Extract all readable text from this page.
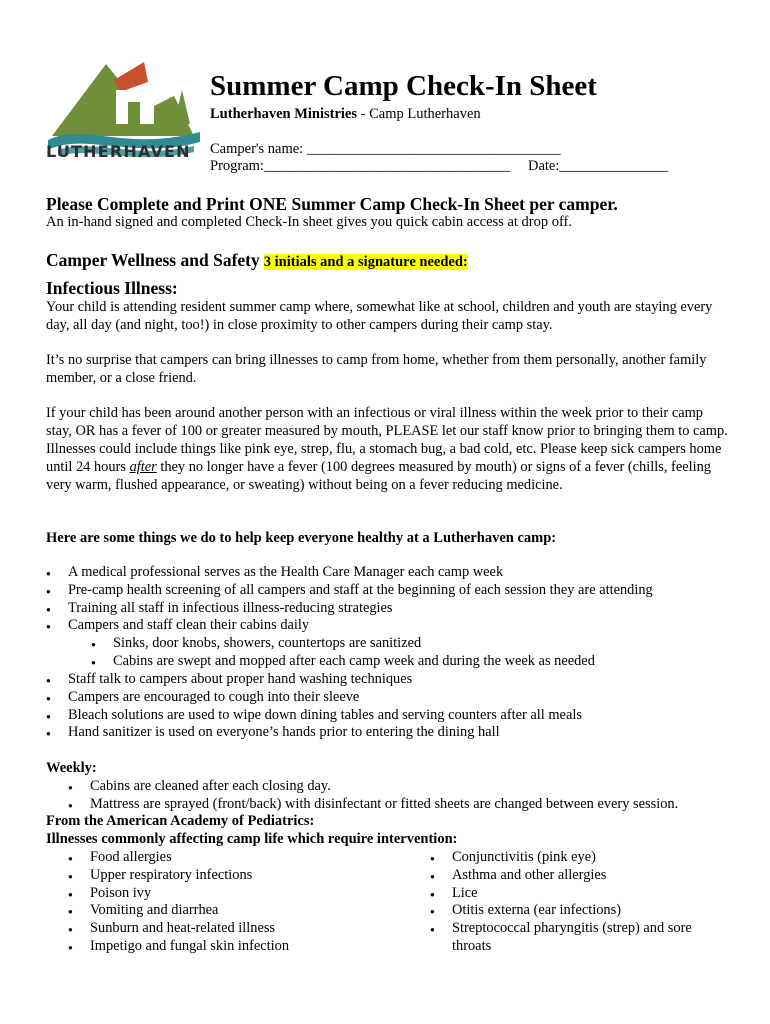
LUTHERHAVEN

Summer Camp Check-In Sheet
Lutherhaven Ministries - Camp Lutherhaven
Camper's name: ___________________________________
Program:__________________________________ Date:_______________
Please Complete and Print ONE Summer Camp Check-In Sheet per camper.
An in-hand signed and completed Check-In sheet gives you quick cabin access at drop off.
Camper Wellness and Safety 3 initials and a signature needed:
Infectious Illness:
Your child is attending resident summer camp where, somewhat like at school, children and youth are staying every day, all day (and night, too!) in close proximity to other campers during their camp stay.
It’s no surprise that campers can bring illnesses to camp from home, whether from them personally, another family member, or a close friend.
If your child has been around another person with an infectious or viral illness within the week prior to their camp stay, OR has a fever of 100 or greater measured by mouth, PLEASE let our staff know prior to bringing them to camp. Illnesses could include things like pink eye, strep, flu, a stomach bug, a bad cold, etc. Please keep sick campers home until 24 hours after they no longer have a fever (100 degrees measured by mouth) or signs of a fever (chills, feeling very warm, flushed appearance, or sweating) without being on a fever reducing medicine.
Here are some things we do to help keep everyone healthy at a Lutherhaven camp:
● A medical professional serves as the Health Care Manager each camp week
● Pre-camp health screening of all campers and staff at the beginning of each session they are attending
● Training all staff in infectious illness-reducing strategies
● Campers and staff clean their cabins daily
● Sinks, door knobs, showers, countertops are sanitized
● Cabins are swept and mopped after each camp week and during the week as needed
● Staff talk to campers about proper hand washing techniques
● Campers are encouraged to cough into their sleeve
● Bleach solutions are used to wipe down dining tables and serving counters after all meals
● Hand sanitizer is used on everyone’s hands prior to entering the dining hall
Weekly:
● Cabins are cleaned after each closing day.
● Mattress are sprayed (front/back) with disinfectant or fitted sheets are changed between every session.
From the American Academy of Pediatrics:
Illnesses commonly affecting camp life which require intervention:
● Food allergies
● Upper respiratory infections
● Poison ivy
● Vomiting and diarrhea
● Sunburn and heat-related illness
● Impetigo and fungal skin infection
● Conjunctivitis (pink eye)
● Asthma and other allergies
● Lice
● Otitis externa (ear infections)
● Streptococcal pharyngitis (strep) and sore
throats
